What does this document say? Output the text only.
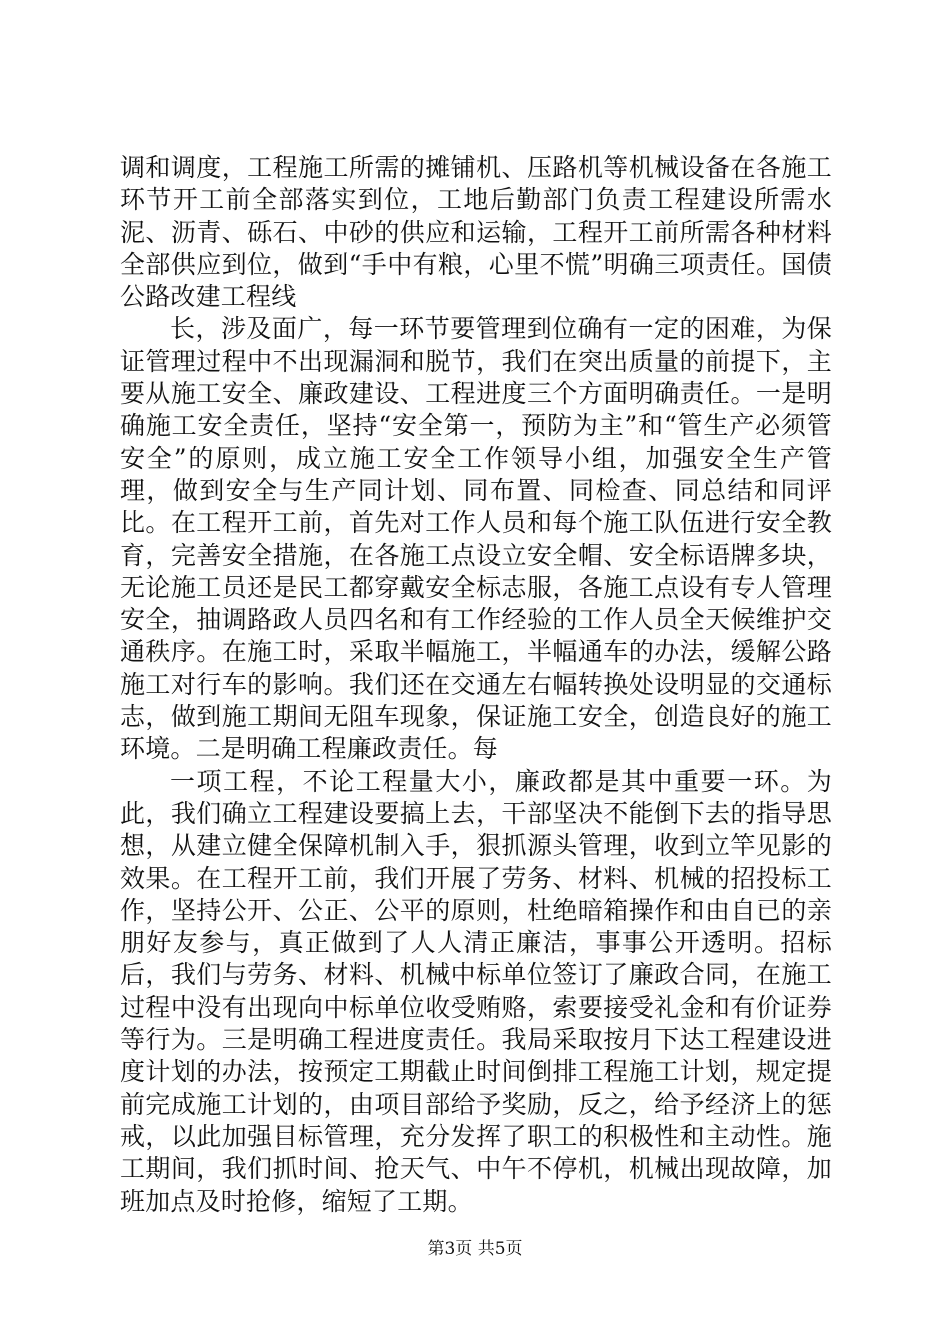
调和调度，工程施工所需的摊铺机、压路机等机械设备在各施工环节开工前全部落实到位，工地后勤部门负责工程建设所需水泥、沥青、砾石、中砂的供应和运输，工程开工前所需各种材料全部供应到位，做到“手中有粮，心里不慌”明确三项责任。国债公路改建工程线

长，涉及面广，每一环节要管理到位确有一定的困难，为保证管理过程中不出现漏洞和脱节，我们在突出质量的前提下，主要从施工安全、廉政建设、工程进度三个方面明确责任。一是明确施工安全责任，坚持“安全第一，预防为主”和“管生产必须管安全”的原则，成立施工安全工作领导小组，加强安全生产管理，做到安全与生产同计划、同布置、同检查、同总结和同评比。在工程开工前，首先对工作人员和每个施工队伍进行安全教育，完善安全措施，在各施工点设立安全帽、安全标语牌多块，无论施工员还是民工都穿戴安全标志服，各施工点设有专人管理安全，抽调路政人员四名和有工作经验的工作人员全天候维护交通秩序。在施工时，采取半幅施工，半幅通车的办法，缓解公路施工对行车的影响。我们还在交通左右幅转换处设明显的交通标志，做到施工期间无阻车现象，保证施工安全，创造良好的施工环境。二是明确工程廉政责任。每

一项工程，不论工程量大小，廉政都是其中重要一环。为此，我们确立工程建设要搞上去，干部坚决不能倒下去的指导思想，从建立健全保障机制入手，狠抓源头管理，收到立竿见影的效果。在工程开工前，我们开展了劳务、材料、机械的招投标工作，坚持公开、公正、公平的原则，杜绝暗箱操作和由自已的亲朋好友参与，真正做到了人人清正廉洁，事事公开透明。招标后，我们与劳务、材料、机械中标单位签订了廉政合同，在施工过程中没有出现向中标单位收受贿赂，索要接受礼金和有价证券等行为。三是明确工程进度责任。我局采取按月下达工程建设进度计划的办法，按预定工期截止时间倒排工程施工计划，规定提前完成施工计划的，由项目部给予奖励，反之，给予经济上的惩戒，以此加强目标管理，充分发挥了职工的积极性和主动性。施工期间，我们抓时间、抢天气、中午不停机，机械出现故障，加班加点及时抢修，缩短了工期。

第3页 共5页
